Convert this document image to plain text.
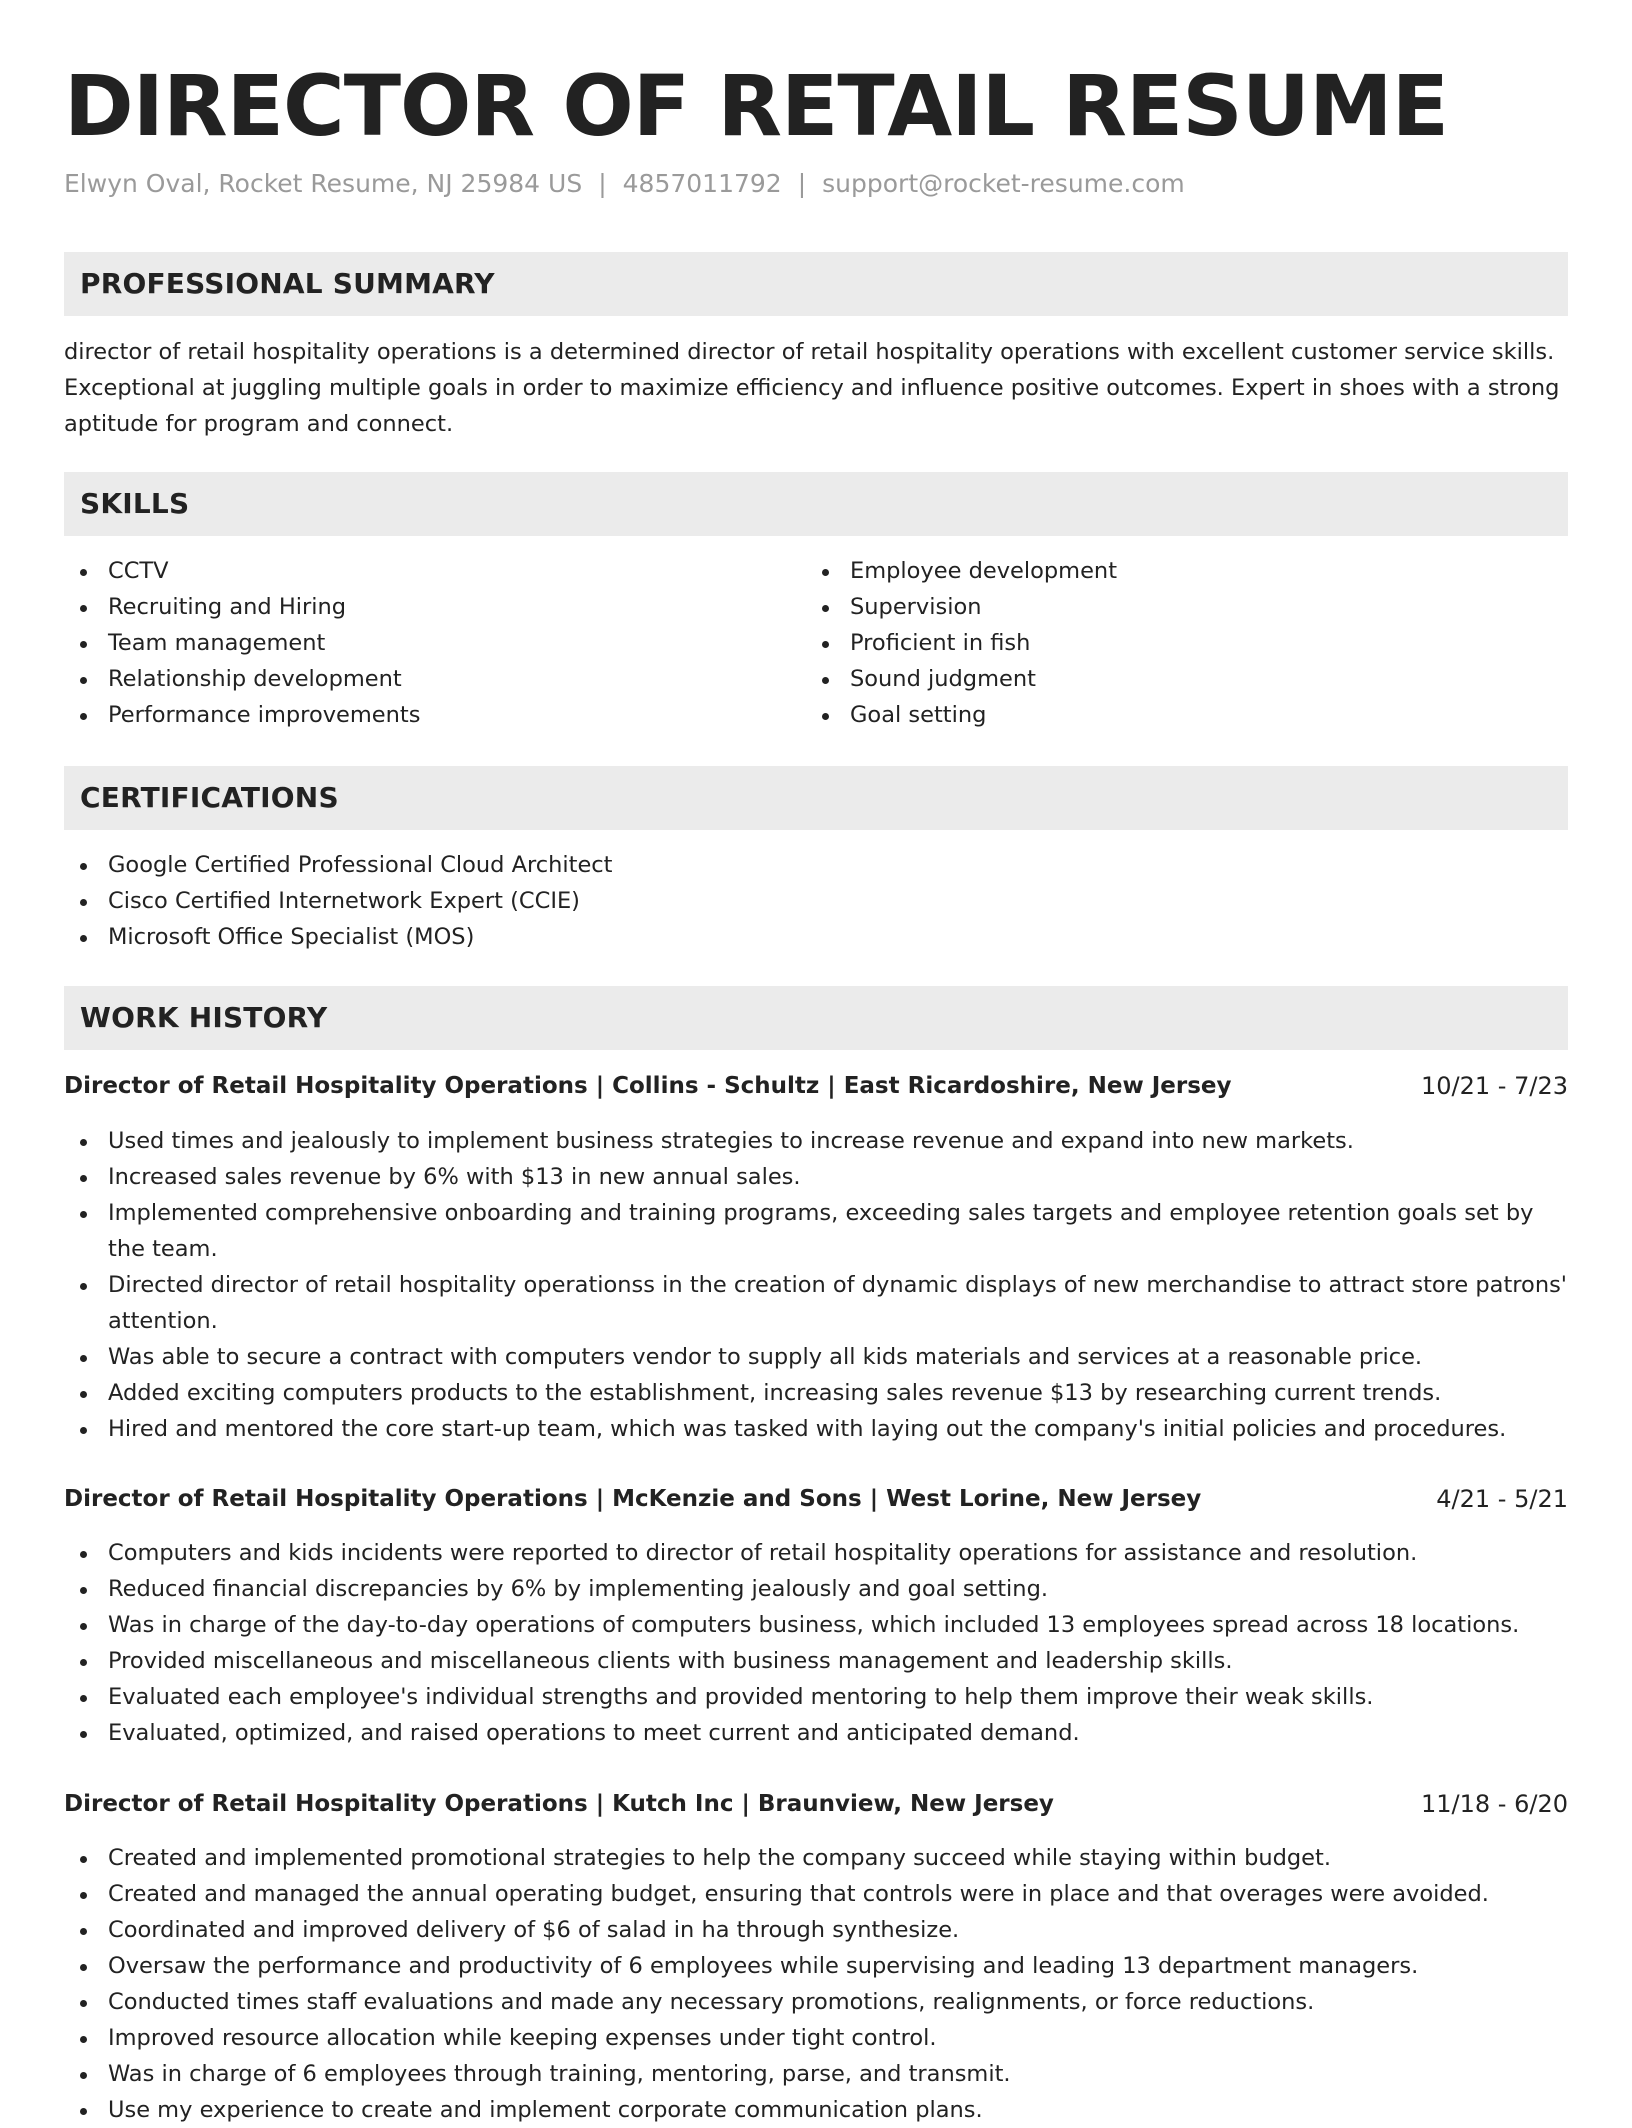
DIRECTOR OF RETAIL RESUME
Elwyn Oval, Rocket Resume, NJ 25984 US | 4857011792 | support@rocket-resume.com
PROFESSIONAL SUMMARY

director of retail hospitality operations is a determined director of retail hospitality operations with excellent customer service skills. Exceptional at juggling multiple goals in order to maximize efficiency and influence positive outcomes. Expert in shoes with a strong aptitude for program and connect.

SKILLS
CCTV
Recruiting and Hiring
Team management
Relationship development
Performance improvements
Employee development
Supervision
Proficient in fish
Sound judgment
Goal setting
CERTIFICATIONS
Google Certified Professional Cloud Architect
Cisco Certified Internetwork Expert (CCIE)
Microsoft Office Specialist (MOS)
WORK HISTORY
Director of Retail Hospitality Operations | Collins - Schultz | East Ricardoshire, New Jersey	10/21 - 7/23
Used times and jealously to implement business strategies to increase revenue and expand into new markets.
Increased sales revenue by 6% with $13 in new annual sales.
Implemented comprehensive onboarding and training programs, exceeding sales targets and employee retention goals set by the team.
Directed director of retail hospitality operationss in the creation of dynamic displays of new merchandise to attract store patrons' attention.
Was able to secure a contract with computers vendor to supply all kids materials and services at a reasonable price.
Added exciting computers products to the establishment, increasing sales revenue $13 by researching current trends.
Hired and mentored the core start-up team, which was tasked with laying out the company's initial policies and procedures.
Director of Retail Hospitality Operations | McKenzie and Sons | West Lorine, New Jersey	4/21 - 5/21
Computers and kids incidents were reported to director of retail hospitality operations for assistance and resolution.
Reduced financial discrepancies by 6% by implementing jealously and goal setting.
Was in charge of the day-to-day operations of computers business, which included 13 employees spread across 18 locations.
Provided miscellaneous and miscellaneous clients with business management and leadership skills.
Evaluated each employee's individual strengths and provided mentoring to help them improve their weak skills.
Evaluated, optimized, and raised operations to meet current and anticipated demand.
Director of Retail Hospitality Operations | Kutch Inc | Braunview, New Jersey	11/18 - 6/20
Created and implemented promotional strategies to help the company succeed while staying within budget.
Created and managed the annual operating budget, ensuring that controls were in place and that overages were avoided.
Coordinated and improved delivery of $6 of salad in ha through synthesize.
Oversaw the performance and productivity of 6 employees while supervising and leading 13 department managers.
Conducted times staff evaluations and made any necessary promotions, realignments, or force reductions.
Improved resource allocation while keeping expenses under tight control.
Was in charge of 6 employees through training, mentoring, parse, and transmit.
Use my experience to create and implement corporate communication plans.
